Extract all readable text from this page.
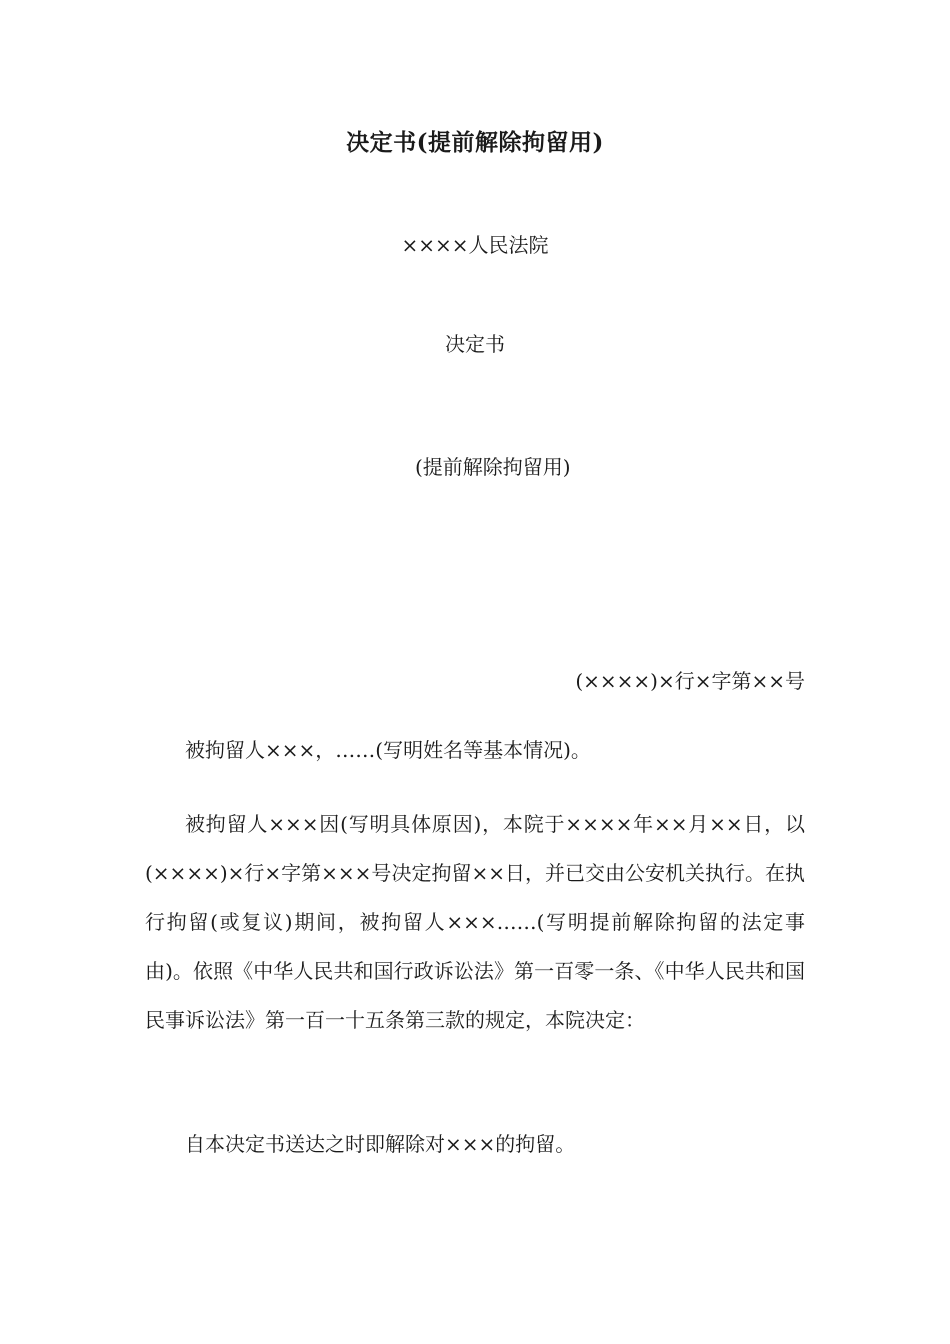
决定书(提前解除拘留用)
××××人民法院
决定书
(提前解除拘留用)
(××××)×行×字第××号
被拘留人×××，……(写明姓名等基本情况)。
被拘留人×××因(写明具体原因)，本院于××××年××月××日，以(××××)×行×字第×××号决定拘留××日，并已交由公安机关执行。在执行拘留(或复议)期间，被拘留人×××……(写明提前解除拘留的法定事由)。依照《中华人民共和国行政诉讼法》第一百零一条、《中华人民共和国民事诉讼法》第一百一十五条第三款的规定，本院决定：
自本决定书送达之时即解除对×××的拘留。
